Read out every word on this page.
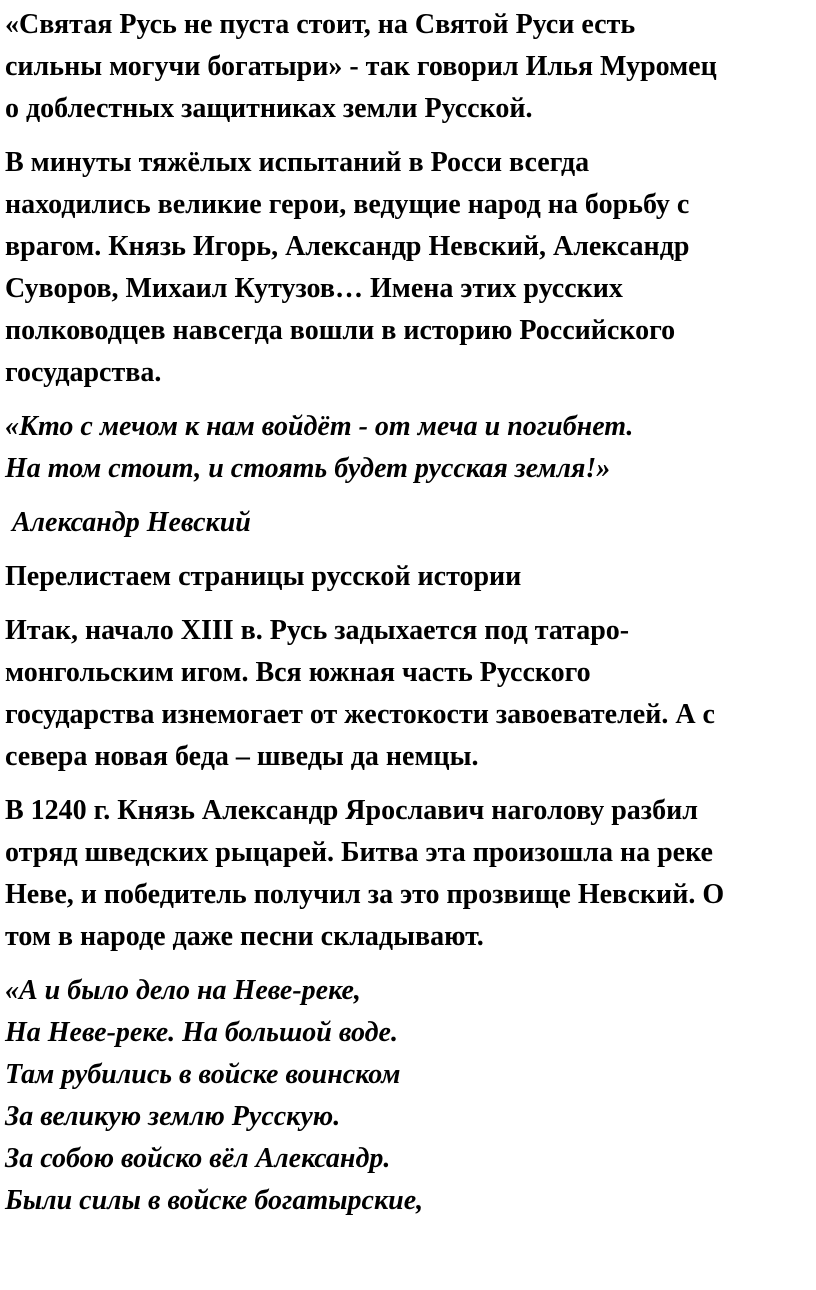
«Святая Русь не пуста стоит, на Святой Руси есть
сильны могучи богатыри» - так говорил Илья Муромец
о доблестных защитниках земли Русской.
В минуты тяжёлых испытаний в Росси всегда
находились великие герои, ведущие народ на борьбу с
врагом. Князь Игорь, Александр Невский, Александр
Суворов, Михаил Кутузов… Имена этих русских
полководцев навсегда вошли в историю Российского
государства.
«Кто с мечом к нам войдёт - от меча и погибнет.
На том стоит, и стоять будет русская земля!»
Александр Невский
Перелистаем страницы русской истории
Итак, начало XIII в. Русь задыхается под татаро-
монгольским игом. Вся южная часть Русского
государства изнемогает от жестокости завоевателей. А с
севера новая беда – шведы да немцы.
В 1240 г. Князь Александр Ярославич наголову разбил
отряд шведских рыцарей. Битва эта произошла на реке
Неве, и победитель получил за это прозвище Невский. О
том в народе даже песни складывают.
«А и было дело на Неве-реке,
На Неве-реке. На большой воде.
Там рубились в войске воинском
За великую землю Русскую.
За собою войско вёл Александр.
Были силы в войске богатырские,
